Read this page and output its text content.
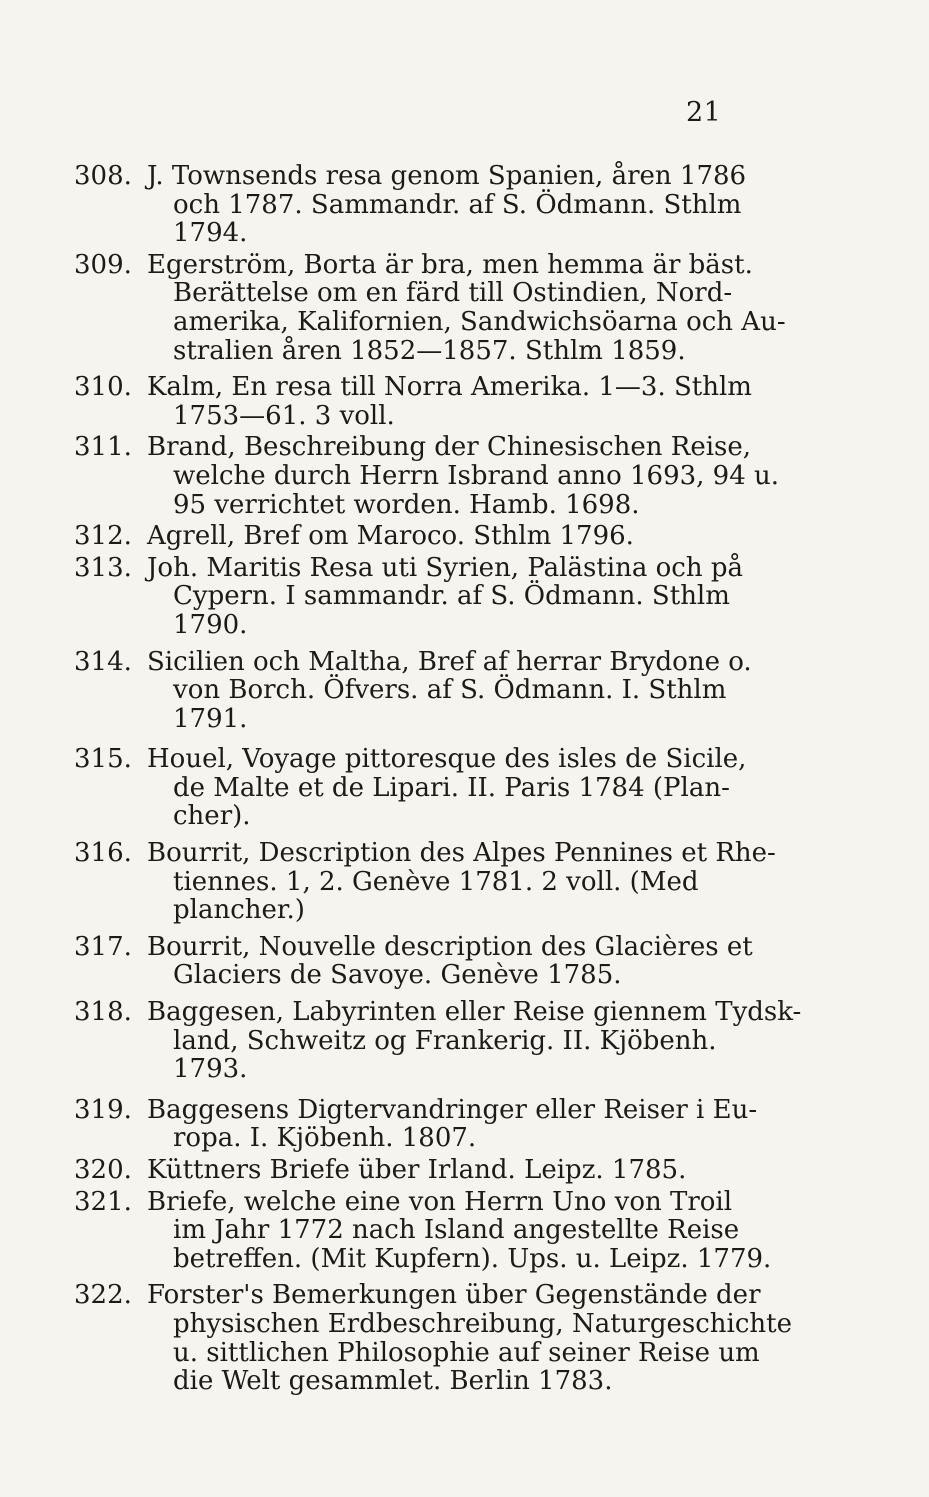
21
308. J. Townsends resa genom Spanien, åren 1786
och 1787. Sammandr. af S. Ödmann. Sthlm
1794.
309. Egerström, Borta är bra, men hemma är bäst.
Berättelse om en färd till Ostindien, Nord-
amerika, Kalifornien, Sandwichsöarna och Au-
stralien åren 1852—1857. Sthlm 1859.
310. Kalm, En resa till Norra Amerika. 1—3. Sthlm
1753—61. 3 voll.
311. Brand, Beschreibung der Chinesischen Reise,
welche durch Herrn Isbrand anno 1693, 94 u.
95 verrichtet worden. Hamb. 1698.
312. Agrell, Bref om Maroco. Sthlm 1796.
313. Joh. Maritis Resa uti Syrien, Palästina och på
Cypern. I sammandr. af S. Ödmann. Sthlm
1790.
314. Sicilien och Maltha, Bref af herrar Brydone o.
von Borch. Öfvers. af S. Ödmann. I. Sthlm
1791.
315. Houel, Voyage pittoresque des isles de Sicile,
de Malte et de Lipari. II. Paris 1784 (Plan-
cher).
316. Bourrit, Description des Alpes Pennines et Rhe-
tiennes. 1, 2. Genève 1781. 2 voll. (Med
plancher.)
317. Bourrit, Nouvelle description des Glacières et
Glaciers de Savoye. Genève 1785.
318. Baggesen, Labyrinten eller Reise giennem Tydsk-
land, Schweitz og Frankerig. II. Kjöbenh.
1793.
319. Baggesens Digtervandringer eller Reiser i Eu-
ropa. I. Kjöbenh. 1807.
320. Küttners Briefe über Irland. Leipz. 1785.
321. Briefe, welche eine von Herrn Uno von Troil
im Jahr 1772 nach Island angestellte Reise
betreffen. (Mit Kupfern). Ups. u. Leipz. 1779.
322. Forster's Bemerkungen über Gegenstände der
physischen Erdbeschreibung, Naturgeschichte
u. sittlichen Philosophie auf seiner Reise um
die Welt gesammlet. Berlin 1783.
